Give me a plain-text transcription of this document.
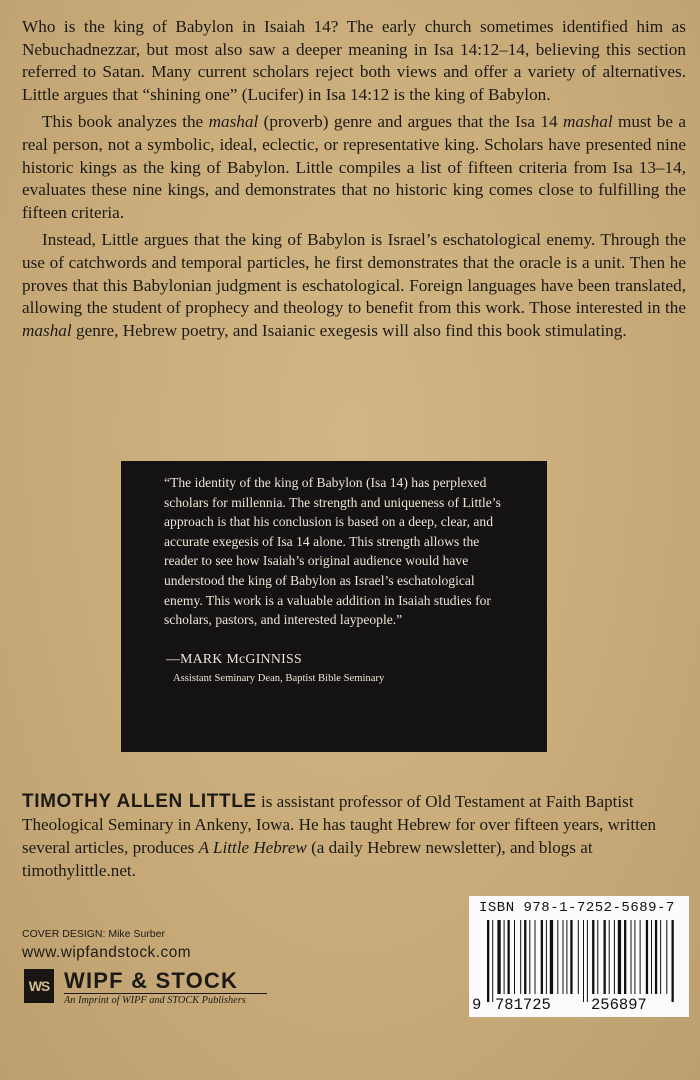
Who is the king of Babylon in Isaiah 14? The early church sometimes identified him as Nebuchadnezzar, but most also saw a deeper meaning in Isa 14:12–14, believing this section referred to Satan. Many current scholars reject both views and offer a variety of alternatives. Little argues that “shining one” (Lucifer) in Isa 14:12 is the king of Babylon.

This book analyzes the mashal (proverb) genre and argues that the Isa 14 mashal must be a real person, not a symbolic, ideal, eclectic, or representative king. Scholars have presented nine historic kings as the king of Babylon. Little compiles a list of fifteen criteria from Isa 13–14, evaluates these nine kings, and demonstrates that no historic king comes close to fulfilling the fifteen criteria.

Instead, Little argues that the king of Babylon is Israel’s eschatological enemy. Through the use of catchwords and temporal particles, he first demonstrates that the oracle is a unit. Then he proves that this Babylonian judgment is eschatological. Foreign languages have been translated, allowing the student of prophecy and theology to benefit from this work. Those interested in the mashal genre, Hebrew poetry, and Isaianic exegesis will also find this book stimulating.

“The identity of the king of Babylon (Isa 14) has perplexed scholars for millennia. The strength and uniqueness of Little’s approach is that his conclusion is based on a deep, clear, and accurate exegesis of Isa 14 alone. This strength allows the reader to see how Isaiah’s original audience would have understood the king of Babylon as Israel’s eschatological enemy. This work is a valuable addition in Isaiah studies for scholars, pastors, and interested laypeople.”
—MARK McGINNISS
Assistant Seminary Dean, Baptist Bible Seminary
TIMOTHY ALLEN LITTLE is assistant professor of Old Testament at Faith Baptist Theological Seminary in Ankeny, Iowa. He has taught Hebrew for over fifteen years, written several articles, produces A Little Hebrew (a daily Hebrew newsletter), and blogs at timothylittle.net.
COVER DESIGN: Mike Surber
www.wipfandstock.com
WS WIPF & STOCK
An Imprint of WIPF and STOCK Publishers
ISBN 978-1-7252-5689-7
9 781725	256897
